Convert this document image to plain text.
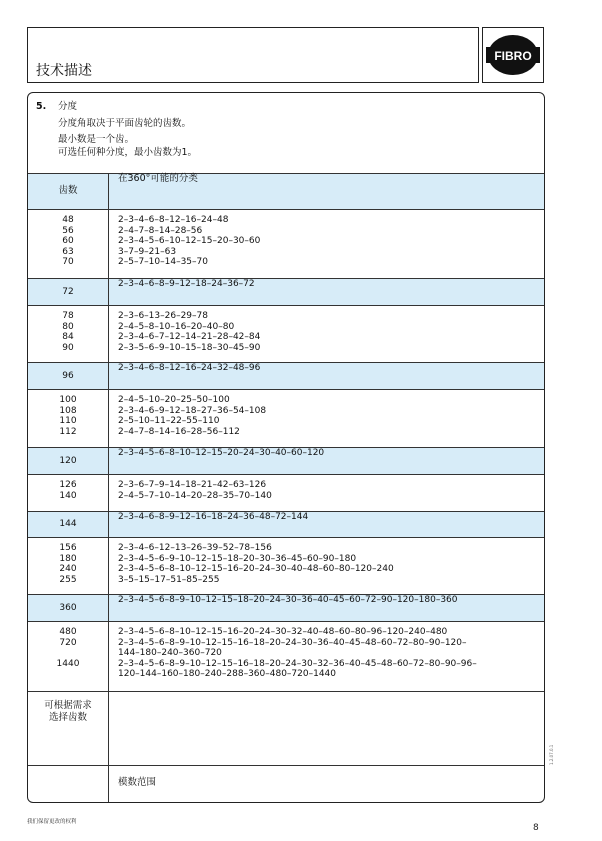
技术描述
FIBRO
5. 分度
分度角取决于平面齿轮的齿数。
最小数是一个齿。
可选任何种分度，最小齿数为1。
齿数
在360°可能的分类
48
56
60
63
70
2–3–4–6–8–12–16–24–48
2–4–7–8–14–28–56
2–3–4–5–6–10–12–15–20–30–60
3–7–9–21–63
2–5–7–10–14–35–70
72
2–3–4–6–8–9–12–18–24–36–72
78
80
84
90
2–3–6–13–26–29–78
2–4–5–8–10–16–20–40–80
2–3–4–6–7–12–14–21–28–42–84
2–3–5–6–9–10–15–18–30–45–90
96
2–3–4–6–8–12–16–24–32–48–96
100
108
110
112
2–4–5–10–20–25–50–100
2–3–4–6–9–12–18–27–36–54–108
2–5–10–11–22–55–110
2–4–7–8–14–16–28–56–112
120
2–3–4–5–6–8–10–12–15–20–24–30–40–60–120
126
140
2–3–6–7–9–14–18–21–42–63–126
2–4–5–7–10–14–20–28–35–70–140
144
2–3–4–6–8–9–12–16–18–24–36–48–72–144
156
180
240
255
2–3–4–6–12–13–26–39–52–78–156
2–3–4–5–6–9–10–12–15–18–20–30–36–45–60–90–180
2–3–4–5–6–8–10–12–15–16–20–24–30–40–48–60–80–120–240
3–5–15–17–51–85–255
360
2–3–4–5–6–8–9–10–12–15–18–20–24–30–36–40–45–60–72–90–120–180–360
480
720

1440
2–3–4–5–6–8–10–12–15–16–20–24–30–32–40–48–60–80–96–120–240–480
2–3–4–5–6–8–9–10–12–15–16–18–20–24–30–36–40–45–48–60–72–80–90–120–
144–180–240–360–720
2–3–4–5–6–8–9–10–12–15–16–18–20–24–30–32–36–40–45–48–60–72–80–90–96–
120–144–160–180–240–288–360–480–720–1440
可根据需求
选择齿数
模数范围
1.2.07.0.1
我们保留更改的权利
8
